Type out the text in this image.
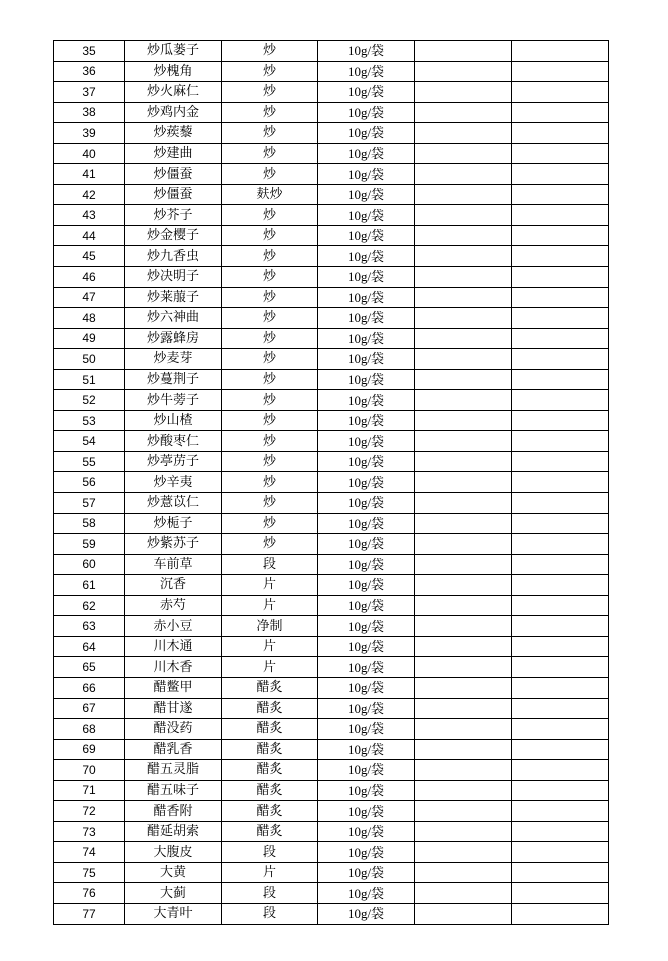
35	炒瓜蒌子	炒	10g/袋		
36	炒槐角	炒	10g/袋		
37	炒火麻仁	炒	10g/袋		
38	炒鸡内金	炒	10g/袋		
39	炒蒺藜	炒	10g/袋		
40	炒建曲	炒	10g/袋		
41	炒僵蚕	炒	10g/袋		
42	炒僵蚕	麸炒	10g/袋		
43	炒芥子	炒	10g/袋		
44	炒金樱子	炒	10g/袋		
45	炒九香虫	炒	10g/袋		
46	炒决明子	炒	10g/袋		
47	炒莱菔子	炒	10g/袋		
48	炒六神曲	炒	10g/袋		
49	炒露蜂房	炒	10g/袋		
50	炒麦芽	炒	10g/袋		
51	炒蔓荆子	炒	10g/袋		
52	炒牛蒡子	炒	10g/袋		
53	炒山楂	炒	10g/袋		
54	炒酸枣仁	炒	10g/袋		
55	炒葶苈子	炒	10g/袋		
56	炒辛夷	炒	10g/袋		
57	炒薏苡仁	炒	10g/袋		
58	炒栀子	炒	10g/袋		
59	炒紫苏子	炒	10g/袋		
60	车前草	段	10g/袋		
61	沉香	片	10g/袋		
62	赤芍	片	10g/袋		
63	赤小豆	净制	10g/袋		
64	川木通	片	10g/袋		
65	川木香	片	10g/袋		
66	醋鳖甲	醋炙	10g/袋		
67	醋甘遂	醋炙	10g/袋		
68	醋没药	醋炙	10g/袋		
69	醋乳香	醋炙	10g/袋		
70	醋五灵脂	醋炙	10g/袋		
71	醋五味子	醋炙	10g/袋		
72	醋香附	醋炙	10g/袋		
73	醋延胡索	醋炙	10g/袋		
74	大腹皮	段	10g/袋		
75	大黄	片	10g/袋		
76	大蓟	段	10g/袋		
77	大青叶	段	10g/袋		
